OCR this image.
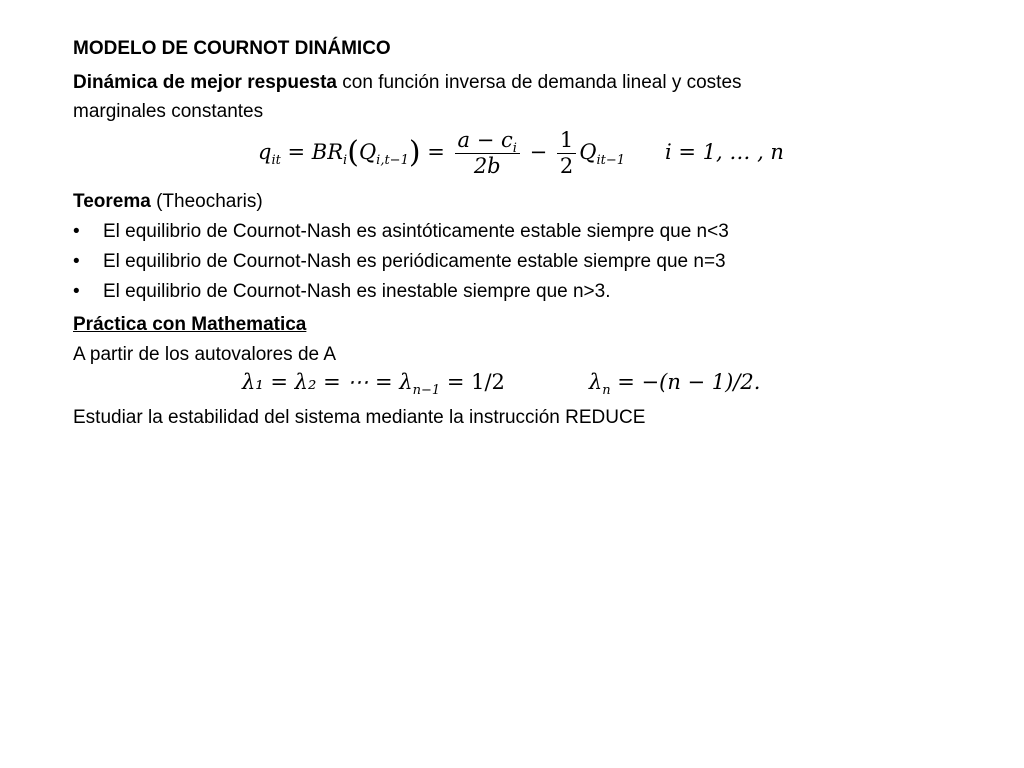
MODELO DE COURNOT DINÁMICO
Dinámica de mejor respuesta con función inversa de demanda lineal y costes
marginales constantes
$q_{it} = BR_i(Q_{i,t-1}) = \frac{a - c_i}{2b} - \frac{1}{2} Q_{it-1}$ i = 1, … , n
Teorema (Theocharis)
• El equilibrio de Cournot-Nash es asintóticamente estable siempre que n<3
• El equilibrio de Cournot-Nash es periódicamente estable siempre que n=3
• El equilibrio de Cournot-Nash es inestable siempre que n>3.
Práctica con Mathematica
A partir de los autovalores de A
λ₁ = λ₂ = ⋯ = $\lambda_{n-1} = 1/2$	$\lambda_n = -(n - 1)/2$.
Estudiar la estabilidad del sistema mediante la instrucción REDUCE
